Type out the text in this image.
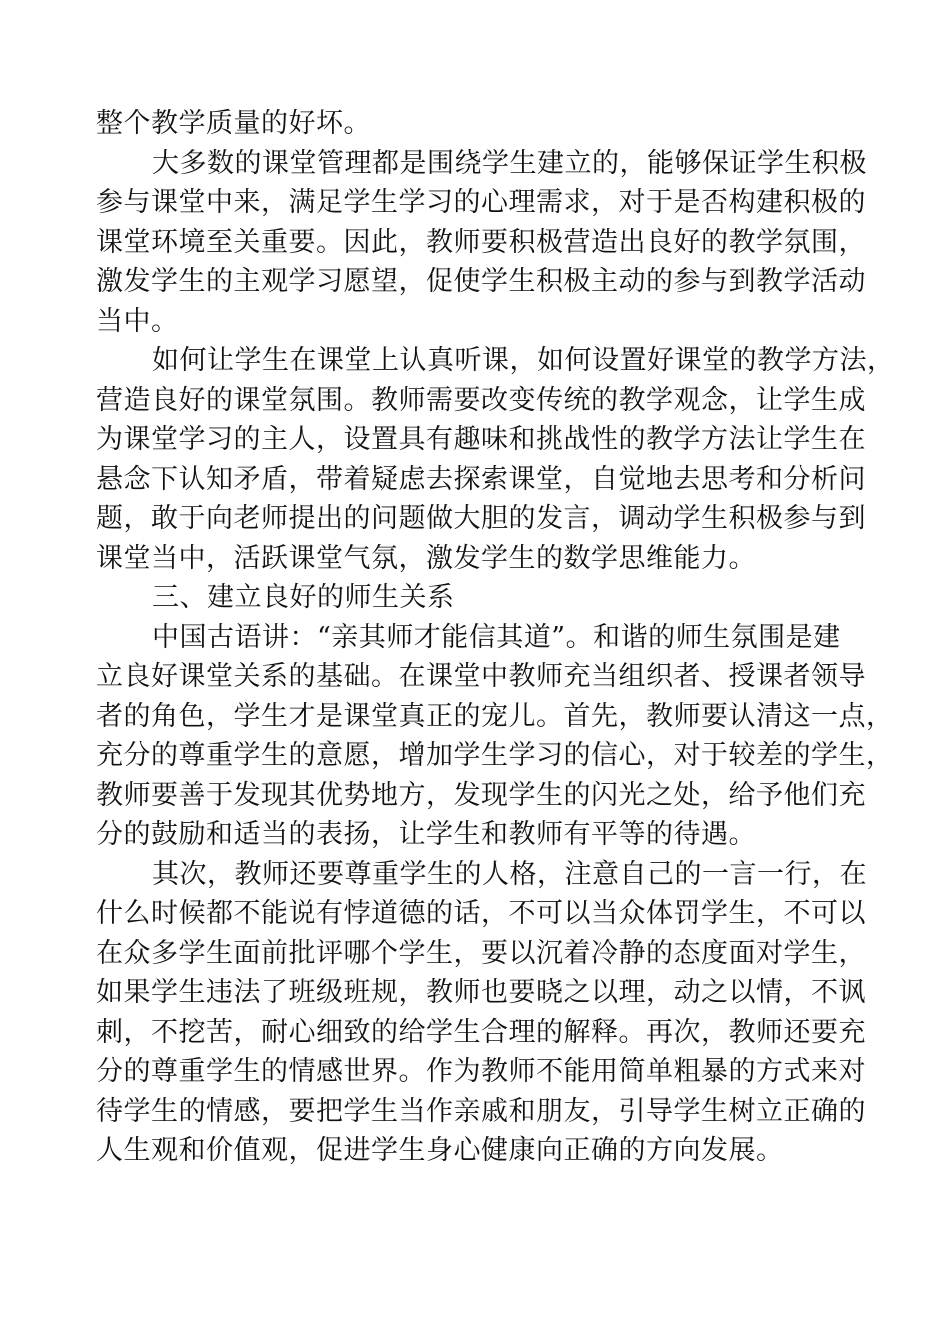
整个教学质量的好坏。
大多数的课堂管理都是围绕学生建立的，能够保证学生积极
参与课堂中来，满足学生学习的心理需求，对于是否构建积极的
课堂环境至关重要。因此，教师要积极营造出良好的教学氛围，
激发学生的主观学习愿望，促使学生积极主动的参与到教学活动
当中。
如何让学生在课堂上认真听课，如何设置好课堂的教学方法，
营造良好的课堂氛围。教师需要改变传统的教学观念，让学生成
为课堂学习的主人，设置具有趣味和挑战性的教学方法让学生在
悬念下认知矛盾，带着疑虑去探索课堂，自觉地去思考和分析问
题，敢于向老师提出的问题做大胆的发言，调动学生积极参与到
课堂当中，活跃课堂气氛，激发学生的数学思维能力。
三、建立良好的师生关系
中国古语讲：“亲其师才能信其道”。和谐的师生氛围是建
立良好课堂关系的基础。在课堂中教师充当组织者、授课者领导
者的角色，学生才是课堂真正的宠儿。首先，教师要认清这一点，
充分的尊重学生的意愿，增加学生学习的信心，对于较差的学生，
教师要善于发现其优势地方，发现学生的闪光之处，给予他们充
分的鼓励和适当的表扬，让学生和教师有平等的待遇。
其次，教师还要尊重学生的人格，注意自己的一言一行，在
什么时候都不能说有悖道德的话，不可以当众体罚学生，不可以
在众多学生面前批评哪个学生，要以沉着冷静的态度面对学生，
如果学生违法了班级班规，教师也要晓之以理，动之以情，不讽
刺，不挖苦，耐心细致的给学生合理的解释。再次，教师还要充
分的尊重学生的情感世界。作为教师不能用简单粗暴的方式来对
待学生的情感，要把学生当作亲戚和朋友，引导学生树立正确的
人生观和价值观，促进学生身心健康向正确的方向发展。
